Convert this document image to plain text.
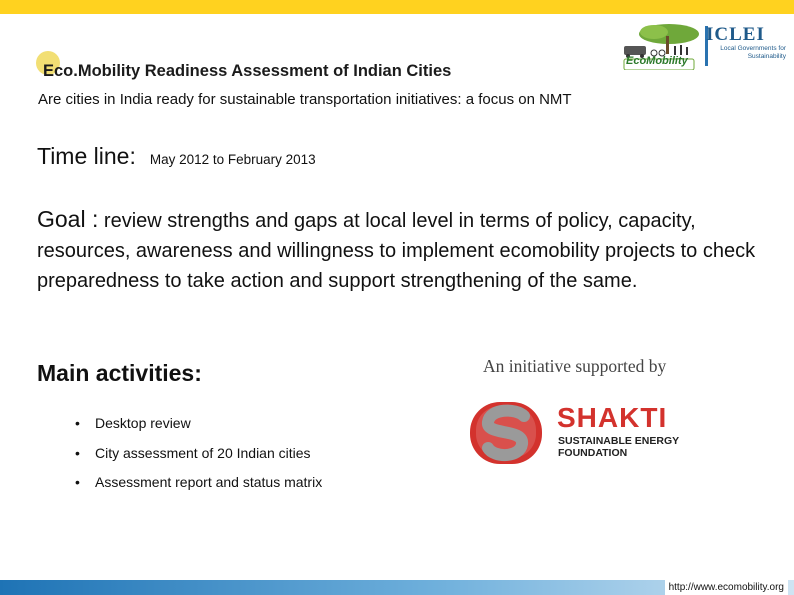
EcoMobility
ICLEI
Local Governments for Sustainability
Eco.Mobility Readiness Assessment of Indian Cities
Are cities in India ready for sustainable transportation initiatives: a focus on NMT
Time line: May 2012 to February 2013
Goal : review strengths and gaps at local level in terms of policy, capacity, resources, awareness and willingness to implement ecomobility projects to check preparedness to take action and support strengthening of the same.
Main activities:
• Desktop review
• City assessment of 20 Indian cities
• Assessment report and status matrix
An initiative supported by
SHAKTI
SUSTAINABLE ENERGY FOUNDATION
http://www.ecomobility.org
